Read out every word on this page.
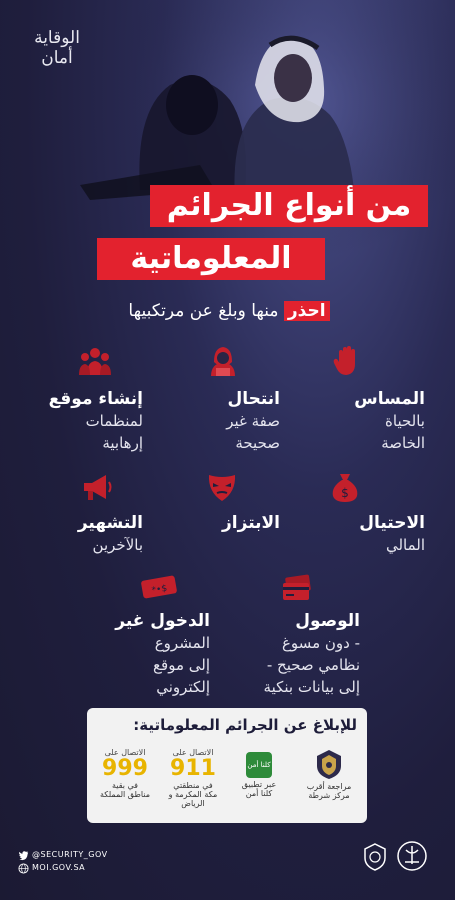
الوقاية أمان
من أنواع الجرائم
المعلوماتية
احذر منها وبلغ عن مرتكبيها
المساس
بالحياة
الخاصة
انتحال
صفة غير
صحيحة
إنشاء موقع
لمنظمات
إرهابية
$
الاحتيال
المالي
الابتزاز
التشهير
بالآخرين
الوصول
- دون مسوغ
نظامي صحيح -
إلى بيانات بنكية
*•$
الدخول غير
المشروع
إلى موقع
إلكتروني
للإبلاغ عن الجرائم المعلوماتية:
مراجعة أقرب
مركز شرطة
كلنا أمن
عبر تطبيق
كلنا أمن
الاتصال على
911
في منطقتي
مكة المكرمة و الرياض
الاتصال على
999
في بقية
مناطق المملكة
@SECURITY_GOV
MOI.GOV.SA
